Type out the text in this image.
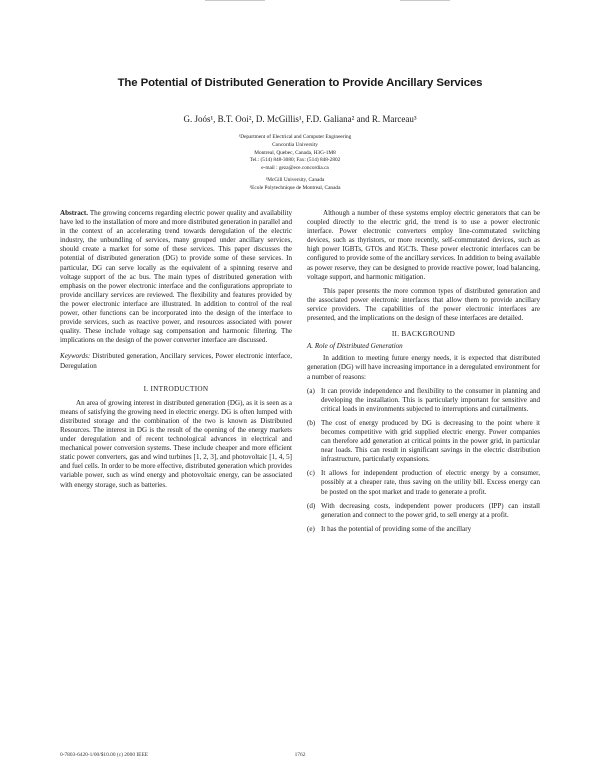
The Potential of Distributed Generation to Provide Ancillary Services
G. Joós¹, B.T. Ooi², D. McGillis¹, F.D. Galiana² and R. Marceau³
¹Department of Electrical and Computer Engineering
Concordia University
Montreal, Quebec, Canada, H3G-1M8
Tel.: (514) 848-3080; Fax: (514) 848-2802
e-mail : geza@ece.concordia.ca
²McGill University, Canada
³Ecole Polytechnique de Montreal, Canada

Abstract. The growing concerns regarding electric power quality and availability have led to the installation of more and more distributed generation in parallel and in the context of an accelerating trend towards deregulation of the electric industry, the unbundling of services, many grouped under ancillary services, should create a market for some of these services. This paper discusses the potential of distributed generation (DG) to provide some of these services. In particular, DG can serve locally as the equivalent of a spinning reserve and voltage support of the ac bus. The main types of distributed generation with emphasis on the power electronic interface and the configurations appropriate to provide ancillary services are reviewed. The flexibility and features provided by the power electronic interface are illustrated. In addition to control of the real power, other functions can be incorporated into the design of the interface to provide services, such as reactive power, and resources associated with power quality. These include voltage sag compensation and harmonic filtering. The implications on the design of the power converter interface are discussed.

Keywords: Distributed generation, Ancillary services, Power electronic interface, Deregulation

I. INTRODUCTION

An area of growing interest in distributed generation (DG), as it is seen as a means of satisfying the growing need in electric energy. DG is often lumped with distributed storage and the combination of the two is known as Distributed Resources. The interest in DG is the result of the opening of the energy markets under deregulation and of recent technological advances in electrical and mechanical power conversion systems. These include cheaper and more efficient static power converters, gas and wind turbines [1, 2, 3], and photovoltaic [1, 4, 5] and fuel cells. In order to be more effective, distributed generation which provides variable power, such as wind energy and photovoltaic energy, can be associated with energy storage, such as batteries.

Although a number of these systems employ electric generators that can be coupled directly to the electric grid, the trend is to use a power electronic interface. Power electronic converters employ line-commutated switching devices, such as thyristors, or more recently, self-commutated devices, such as high power IGBTs, GTOs and IGCTs. These power electronic interfaces can be configured to provide some of the ancillary services. In addition to being available as power reserve, they can be designed to provide reactive power, load balancing, voltage support, and harmonic mitigation.

This paper presents the more common types of distributed generation and the associated power electronic interfaces that allow them to provide ancillary service providers. The capabilities of the power electronic interfaces are presented, and the implications on the design of these interfaces are detailed.

II. BACKGROUND

A. Role of Distributed Generation

In addition to meeting future energy needs, it is expected that distributed generation (DG) will have increasing importance in a deregulated environment for a number of reasons:

(a) It can provide independence and flexibility to the consumer in planning and developing the installation. This is particularly important for sensitive and critical loads in environments subjected to interruptions and curtailments.
(b) The cost of energy produced by DG is decreasing to the point where it becomes competitive with grid supplied electric energy. Power companies can therefore add generation at critical points in the power grid, in particular near loads. This can result in significant savings in the electric distribution infrastructure, particularly expansions.
(c) It allows for independent production of electric energy by a consumer, possibly at a cheaper rate, thus saving on the utility bill. Excess energy can be posted on the spot market and trade to generate a profit.
(d) With decreasing costs, independent power producers (IPP) can install generation and connect to the power grid, to sell energy at a profit.
(e) It has the potential of providing some of the ancillary
0-7803-6420-1/00/$10.00 (c) 2000 IEEE	1762
